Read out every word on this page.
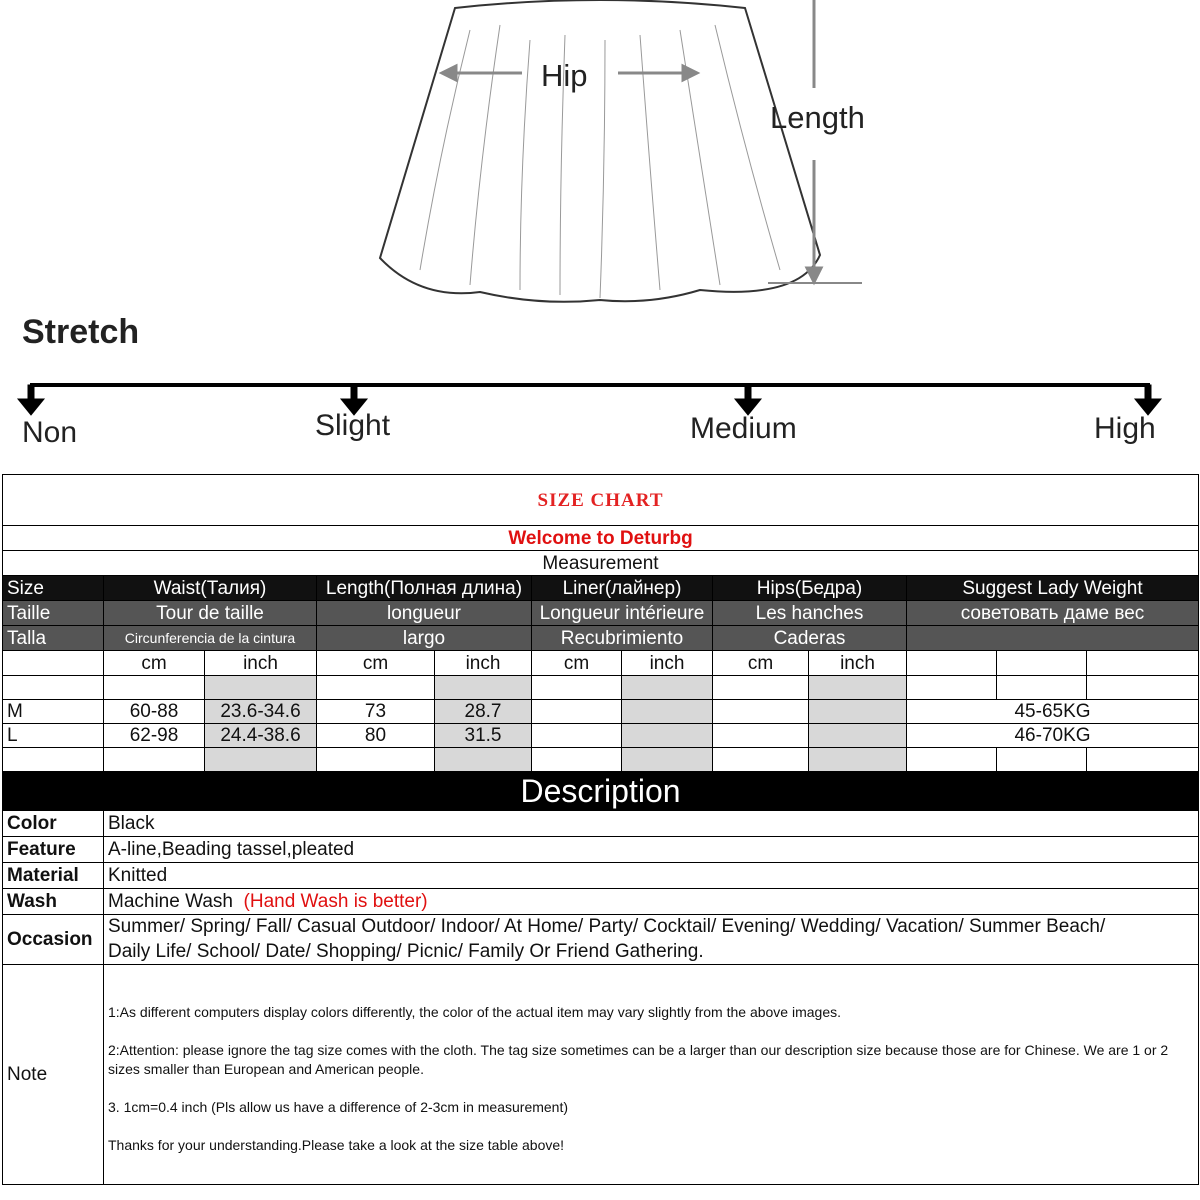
Hip
Length
Stretch
Non	Slight	Medium	High
SIZE CHART											
Welcome to Deturbg											
Measurement											
Size	Waist(Талия)		Length(Полная длина)		Liner(лайнер)		Hips(Бедра)		Suggest Lady Weight		
Taille	Tour de taille		longueur		Longueur intérieure		Les hanches		советовать даме вес		
Talla	Circunferencia de la cintura		largo		Recubrimiento		Caderas				
	cm	inch	cm	inch	cm	inch	cm	inch			

M	60-88	23.6-34.6	73	28.7					45-65KG		
L	62-98	24.4-38.6	80	31.5					46-70KG		

Description											
Color	Black										
Feature	A-line,Beading tassel,pleated										
Material	Knitted										
Wash	Machine Wash (Hand Wash is better)										
Occasion	Summer/ Spring/ Fall/ Casual Outdoor/ Indoor/ At Home/ Party/ Cocktail/ Evening/ Wedding/ Vacation/ Summer Beach/
Daily Life/ School/ Date/ Shopping/ Picnic/ Family Or Friend Gathering.										

Note	1:As different computers display colors differently, the color of the actual item may vary slightly from the above images.

2:Attention: please ignore the tag size comes with the cloth. The tag size sometimes can be a larger than our description size because those are for Chinese. We are 1 or 2 sizes smaller than European and American people.

3. 1cm=0.4 inch (Pls allow us have a difference of 2-3cm in measurement)

Thanks for your understanding.Please take a look at the size table above!										
